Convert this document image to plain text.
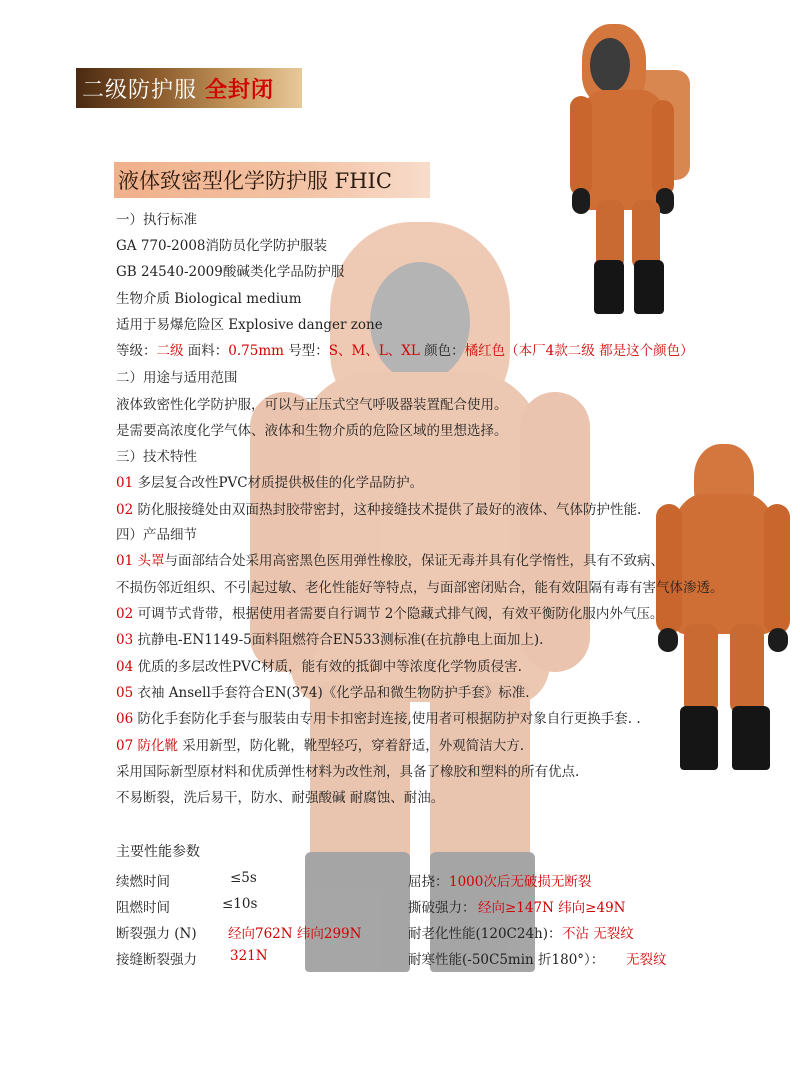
二级防护服 全封闭
液体致密型化学防护服 FHIC
一）执行标准
GA 770-2008消防员化学防护服装
GB 24540-2009酸碱类化学品防护服
生物介质 Biological medium
适用于易爆危险区 Explosive danger zone
等级：二级 面料：0.75mm 号型：S、M、L、XL 颜色：橘红色（本厂4款二级 都是这个颜色）
二）用途与适用范围
液体致密性化学防护服，可以与正压式空气呼吸器装置配合使用。
是需要高浓度化学气体、液体和生物介质的危险区域的里想选择。
三）技术特性
01 多层复合改性PVC材质提供极佳的化学品防护。
02 防化服接缝处由双面热封胶带密封，这种接缝技术提供了最好的液体、气体防护性能.
四）产品细节
01 头罩与面部结合处采用高密黑色医用弹性橡胶，保证无毒并具有化学惰性，具有不致病、
不损伤邻近组织、不引起过敏、老化性能好等特点，与面部密闭贴合，能有效阻隔有毒有害气体渗透。
02 可调节式背带，根据使用者需要自行调节 2个隐藏式排气阀，有效平衡防化服内外气压。
03 抗静电-EN1149-5面料阻燃符合EN533测标准(在抗静电上面加上).
04 优质的多层改性PVC材质，能有效的抵御中等浓度化学物质侵害.
05 衣袖 Ansell手套符合EN(374)《化学品和微生物防护手套》标准.
06 防化手套防化手套与服装由专用卡扣密封连接,使用者可根据防护对象自行更换手套. .
07 防化靴 采用新型，防化靴，靴型轻巧，穿着舒适，外观简洁大方.
采用国际新型原材料和优质弹性材料为改性剂，具备了橡胶和塑料的所有优点.
不易断裂，洗后易干，防水、耐强酸碱 耐腐蚀、耐油。
主要性能参数
续燃时间	≤5s	屈挠： 1000次后无破损无断裂
阻燃时间	≤10s	撕破强力： 经向≥147N 纬向≥49N
断裂强力 (N) 经向762N 纬向299N	耐老化性能(120C24h)： 不沾 无裂纹
接缝断裂强力 321N	耐寒性能(-50C5min 折180°）： 无裂纹
